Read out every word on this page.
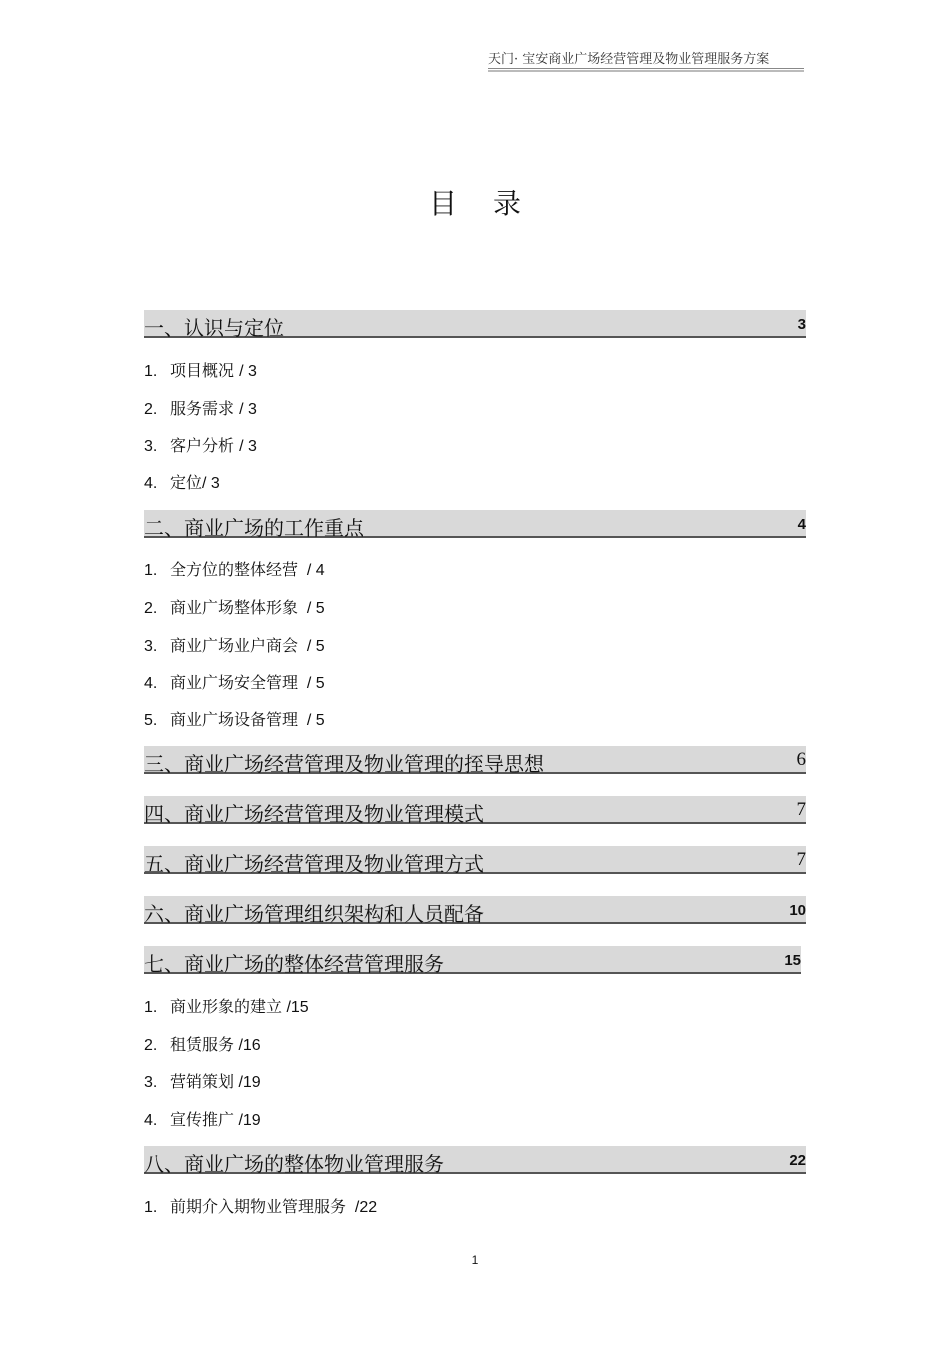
天门· 宝安商业广场经营管理及物业管理服务方案
目录
一、认识与定位	3
1. 项目概况 / 3
2. 服务需求 / 3
3. 客户分析 / 3
4. 定位/ 3
二、商业广场的工作重点	4
1. 全方位的整体经营  / 4
2. 商业广场整体形象  / 5
3. 商业广场业户商会  / 5
4. 商业广场安全管理  / 5
5. 商业广场设备管理  / 5
三、商业广场经营管理及物业管理的挃导思想	6
四、商业广场经营管理及物业管理模式	7
五、商业广场经营管理及物业管理方式	7
六、商业广场管理组织架构和人员配备	10
七、商业广场的整体经营管理服务	15
1. 商业形象的建立 /15
2. 租赁服务 /16
3. 营销策划 /19
4. 宣传推广 /19
八、商业广场的整体物业管理服务	22
1. 前期介入期物业管理服务  /22
1
